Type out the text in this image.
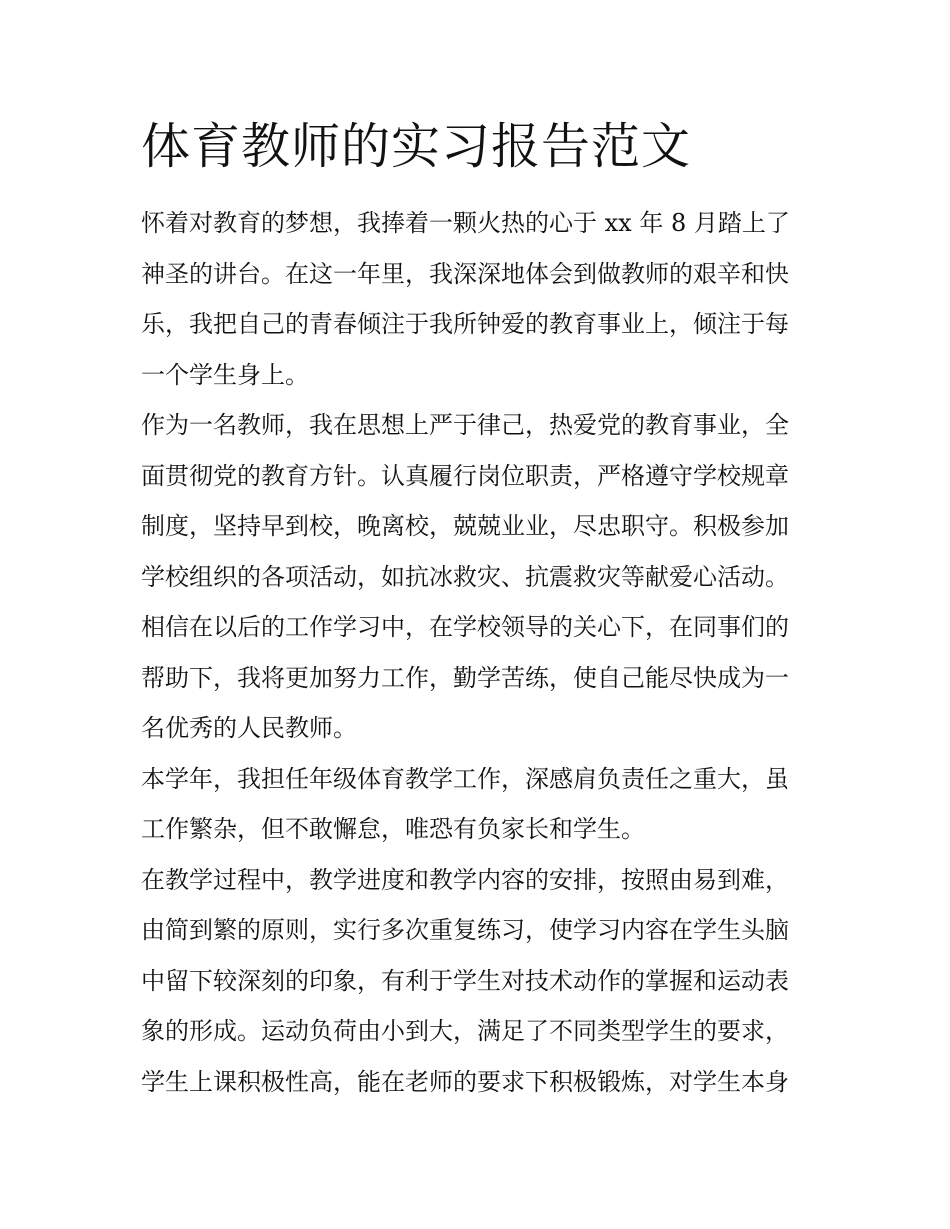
体育教师的实习报告范文

怀着对教育的梦想，我捧着一颗火热的心于 xx 年 8 月踏上了
神圣的讲台。在这一年里，我深深地体会到做教师的艰辛和快
乐，我把自己的青春倾注于我所钟爱的教育事业上，倾注于每
一个学生身上。

作为一名教师，我在思想上严于律己，热爱党的教育事业，全
面贯彻党的教育方针。认真履行岗位职责，严格遵守学校规章
制度，坚持早到校，晚离校，兢兢业业，尽忠职守。积极参加
学校组织的各项活动，如抗冰救灾、抗震救灾等献爱心活动。
相信在以后的工作学习中，在学校领导的关心下，在同事们的
帮助下，我将更加努力工作，勤学苦练，使自己能尽快成为一
名优秀的人民教师。

本学年，我担任年级体育教学工作，深感肩负责任之重大，虽
工作繁杂，但不敢懈怠，唯恐有负家长和学生。

在教学过程中，教学进度和教学内容的安排，按照由易到难，
由简到繁的原则，实行多次重复练习，使学习内容在学生头脑
中留下较深刻的印象，有利于学生对技术动作的掌握和运动表
象的形成。运动负荷由小到大，满足了不同类型学生的要求，
学生上课积极性高，能在老师的要求下积极锻炼，对学生本身
